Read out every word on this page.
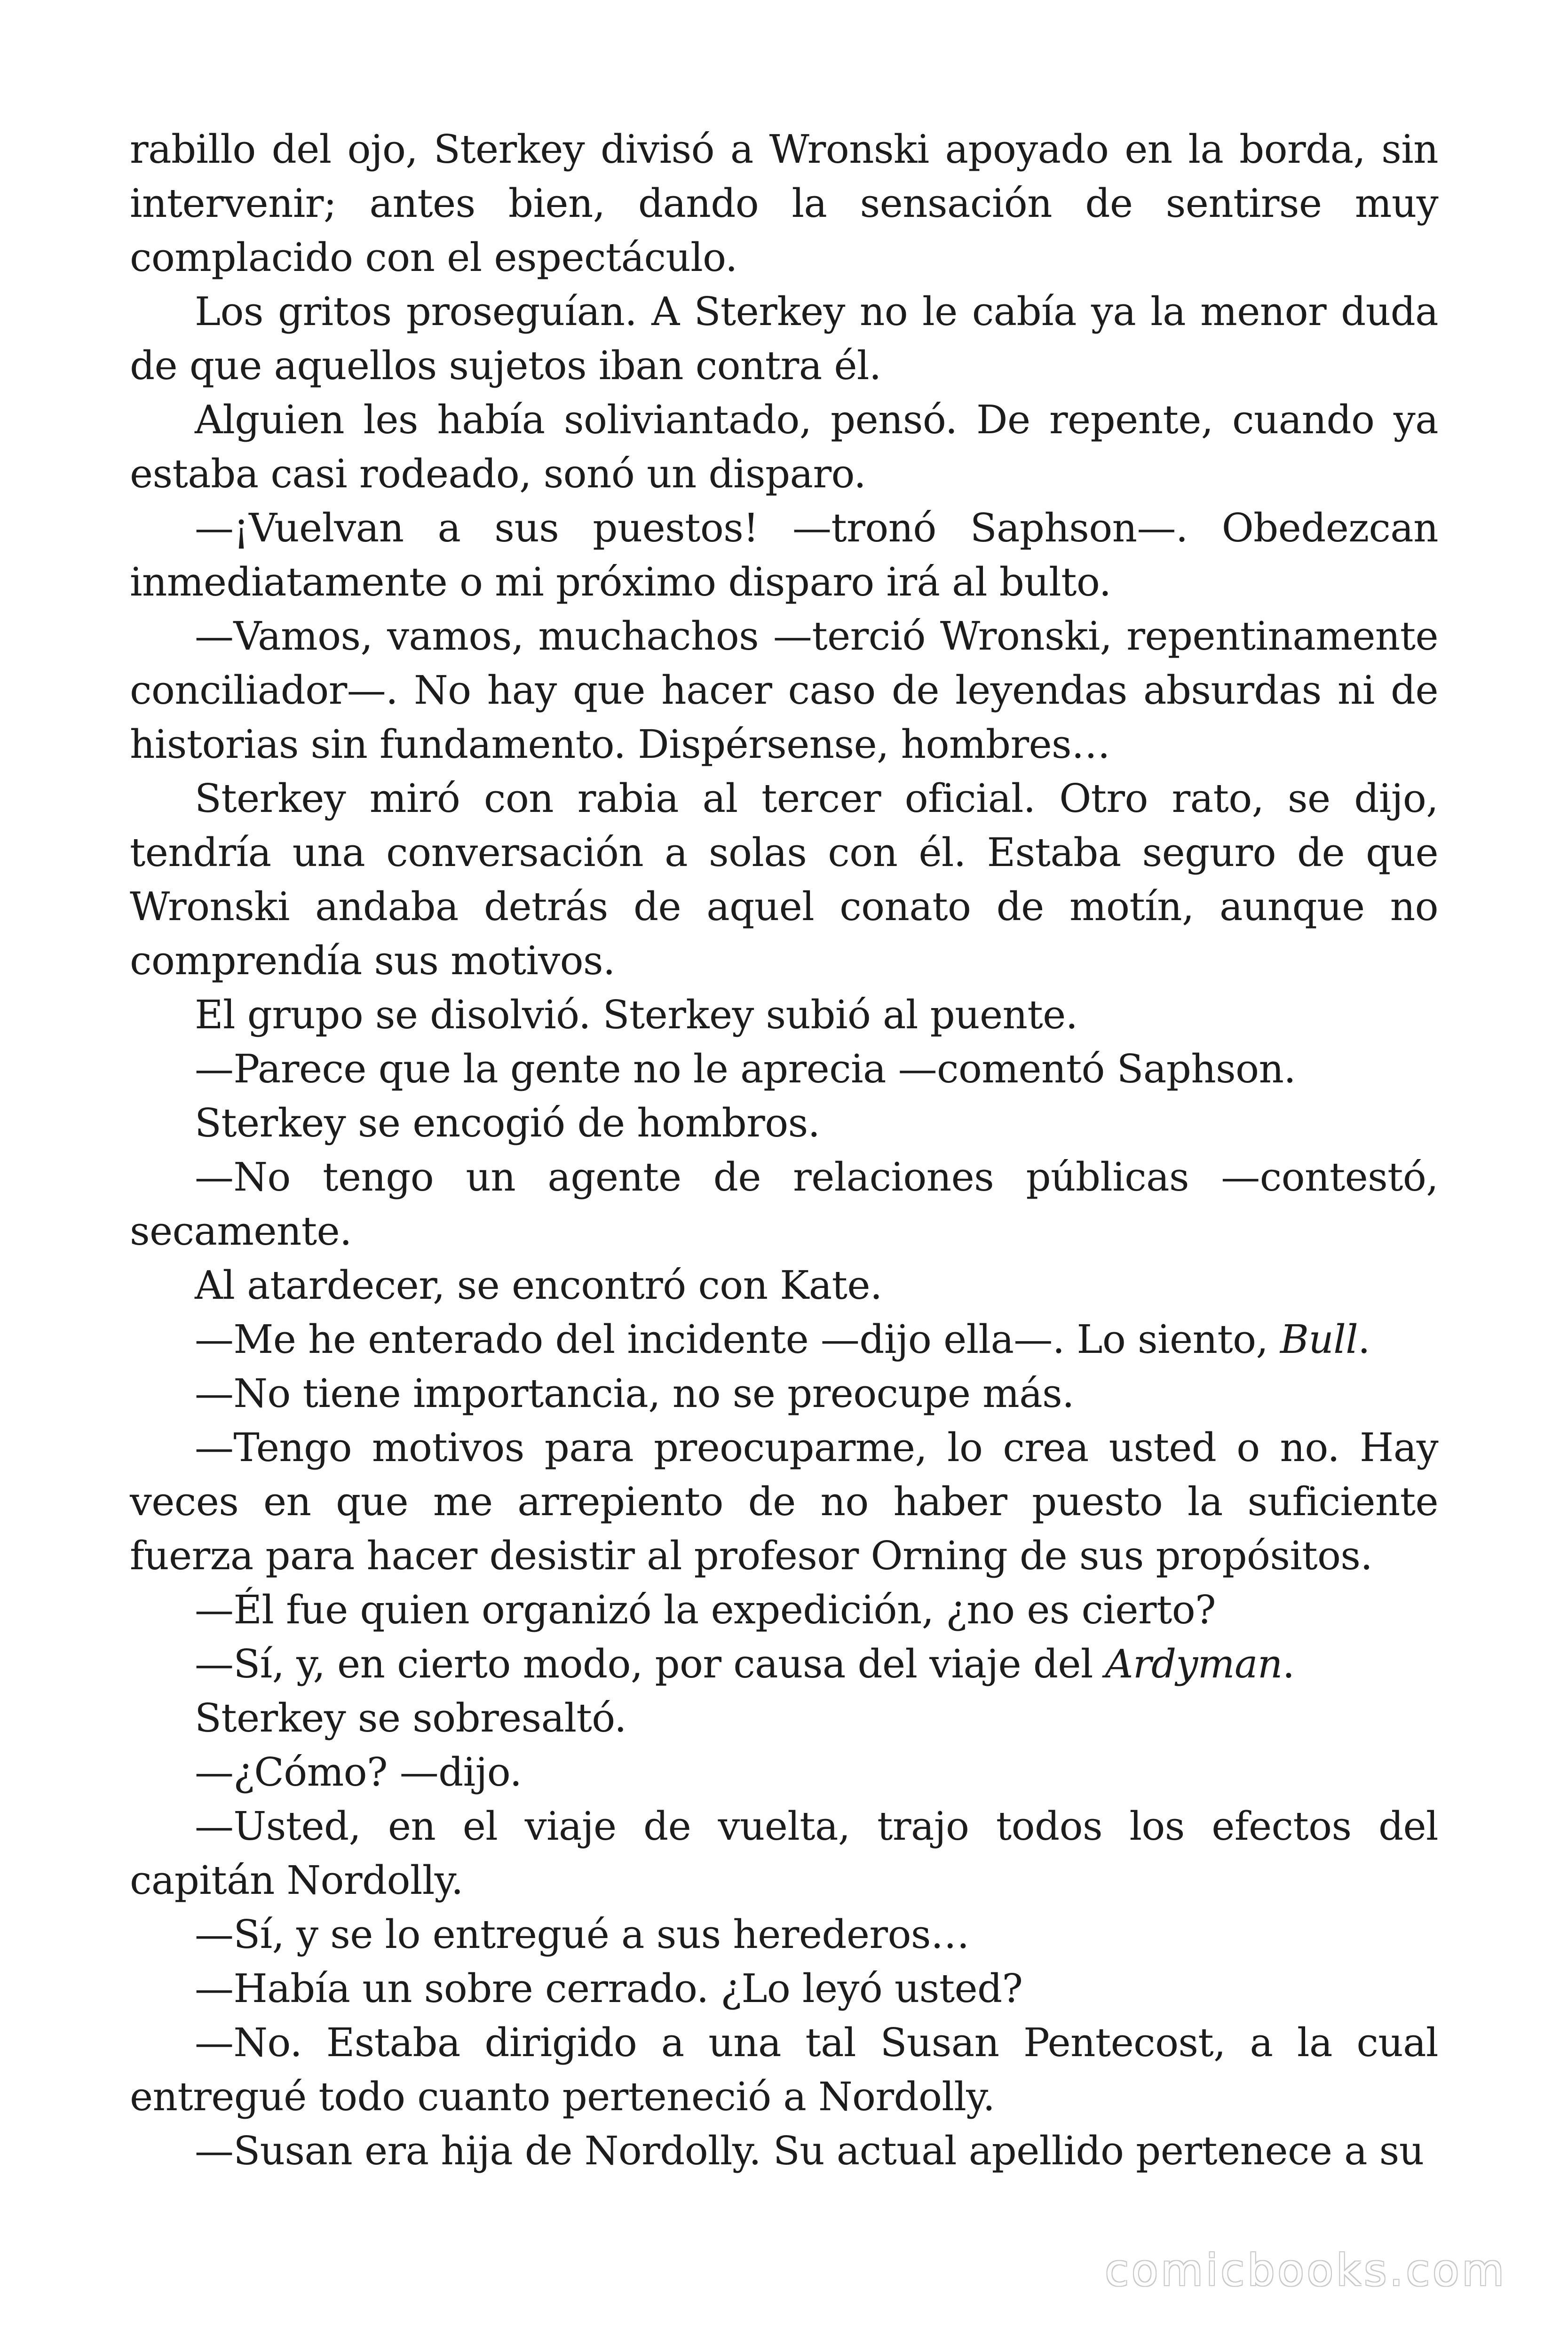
rabillo del ojo, Sterkey divisó a Wronski apoyado en la borda, sin intervenir; antes bien, dando la sensación de sentirse muy complacido con el espectáculo.

Los gritos proseguían. A Sterkey no le cabía ya la menor duda de que aquellos sujetos iban contra él.

Alguien les había soliviantado, pensó. De repente, cuando ya estaba casi rodeado, sonó un disparo.

—¡Vuelvan a sus puestos! —tronó Saphson—. Obedezcan inmediatamente o mi próximo disparo irá al bulto.

—Vamos, vamos, muchachos —terció Wronski, repentinamente conciliador—. No hay que hacer caso de leyendas absurdas ni de historias sin fundamento. Dispérsense, hombres…

Sterkey miró con rabia al tercer oficial. Otro rato, se dijo, tendría una conversación a solas con él. Estaba seguro de que Wronski andaba detrás de aquel conato de motín, aunque no comprendía sus motivos.

El grupo se disolvió. Sterkey subió al puente.

—Parece que la gente no le aprecia —comentó Saphson.

Sterkey se encogió de hombros.

—No tengo un agente de relaciones públicas —contestó, secamente.

Al atardecer, se encontró con Kate.

—Me he enterado del incidente —dijo ella—. Lo siento, Bull.

—No tiene importancia, no se preocupe más.

—Tengo motivos para preocuparme, lo crea usted o no. Hay veces en que me arrepiento de no haber puesto la suficiente fuerza para hacer desistir al profesor Orning de sus propósitos.

—Él fue quien organizó la expedición, ¿no es cierto?

—Sí, y, en cierto modo, por causa del viaje del Ardyman.

Sterkey se sobresaltó.

—¿Cómo? —dijo.

—Usted, en el viaje de vuelta, trajo todos los efectos del capitán Nordolly.

—Sí, y se lo entregué a sus herederos…

—Había un sobre cerrado. ¿Lo leyó usted?

—No. Estaba dirigido a una tal Susan Pentecost, a la cual entregué todo cuanto perteneció a Nordolly.

—Susan era hija de Nordolly. Su actual apellido pertenece a su

comicbooks.com
